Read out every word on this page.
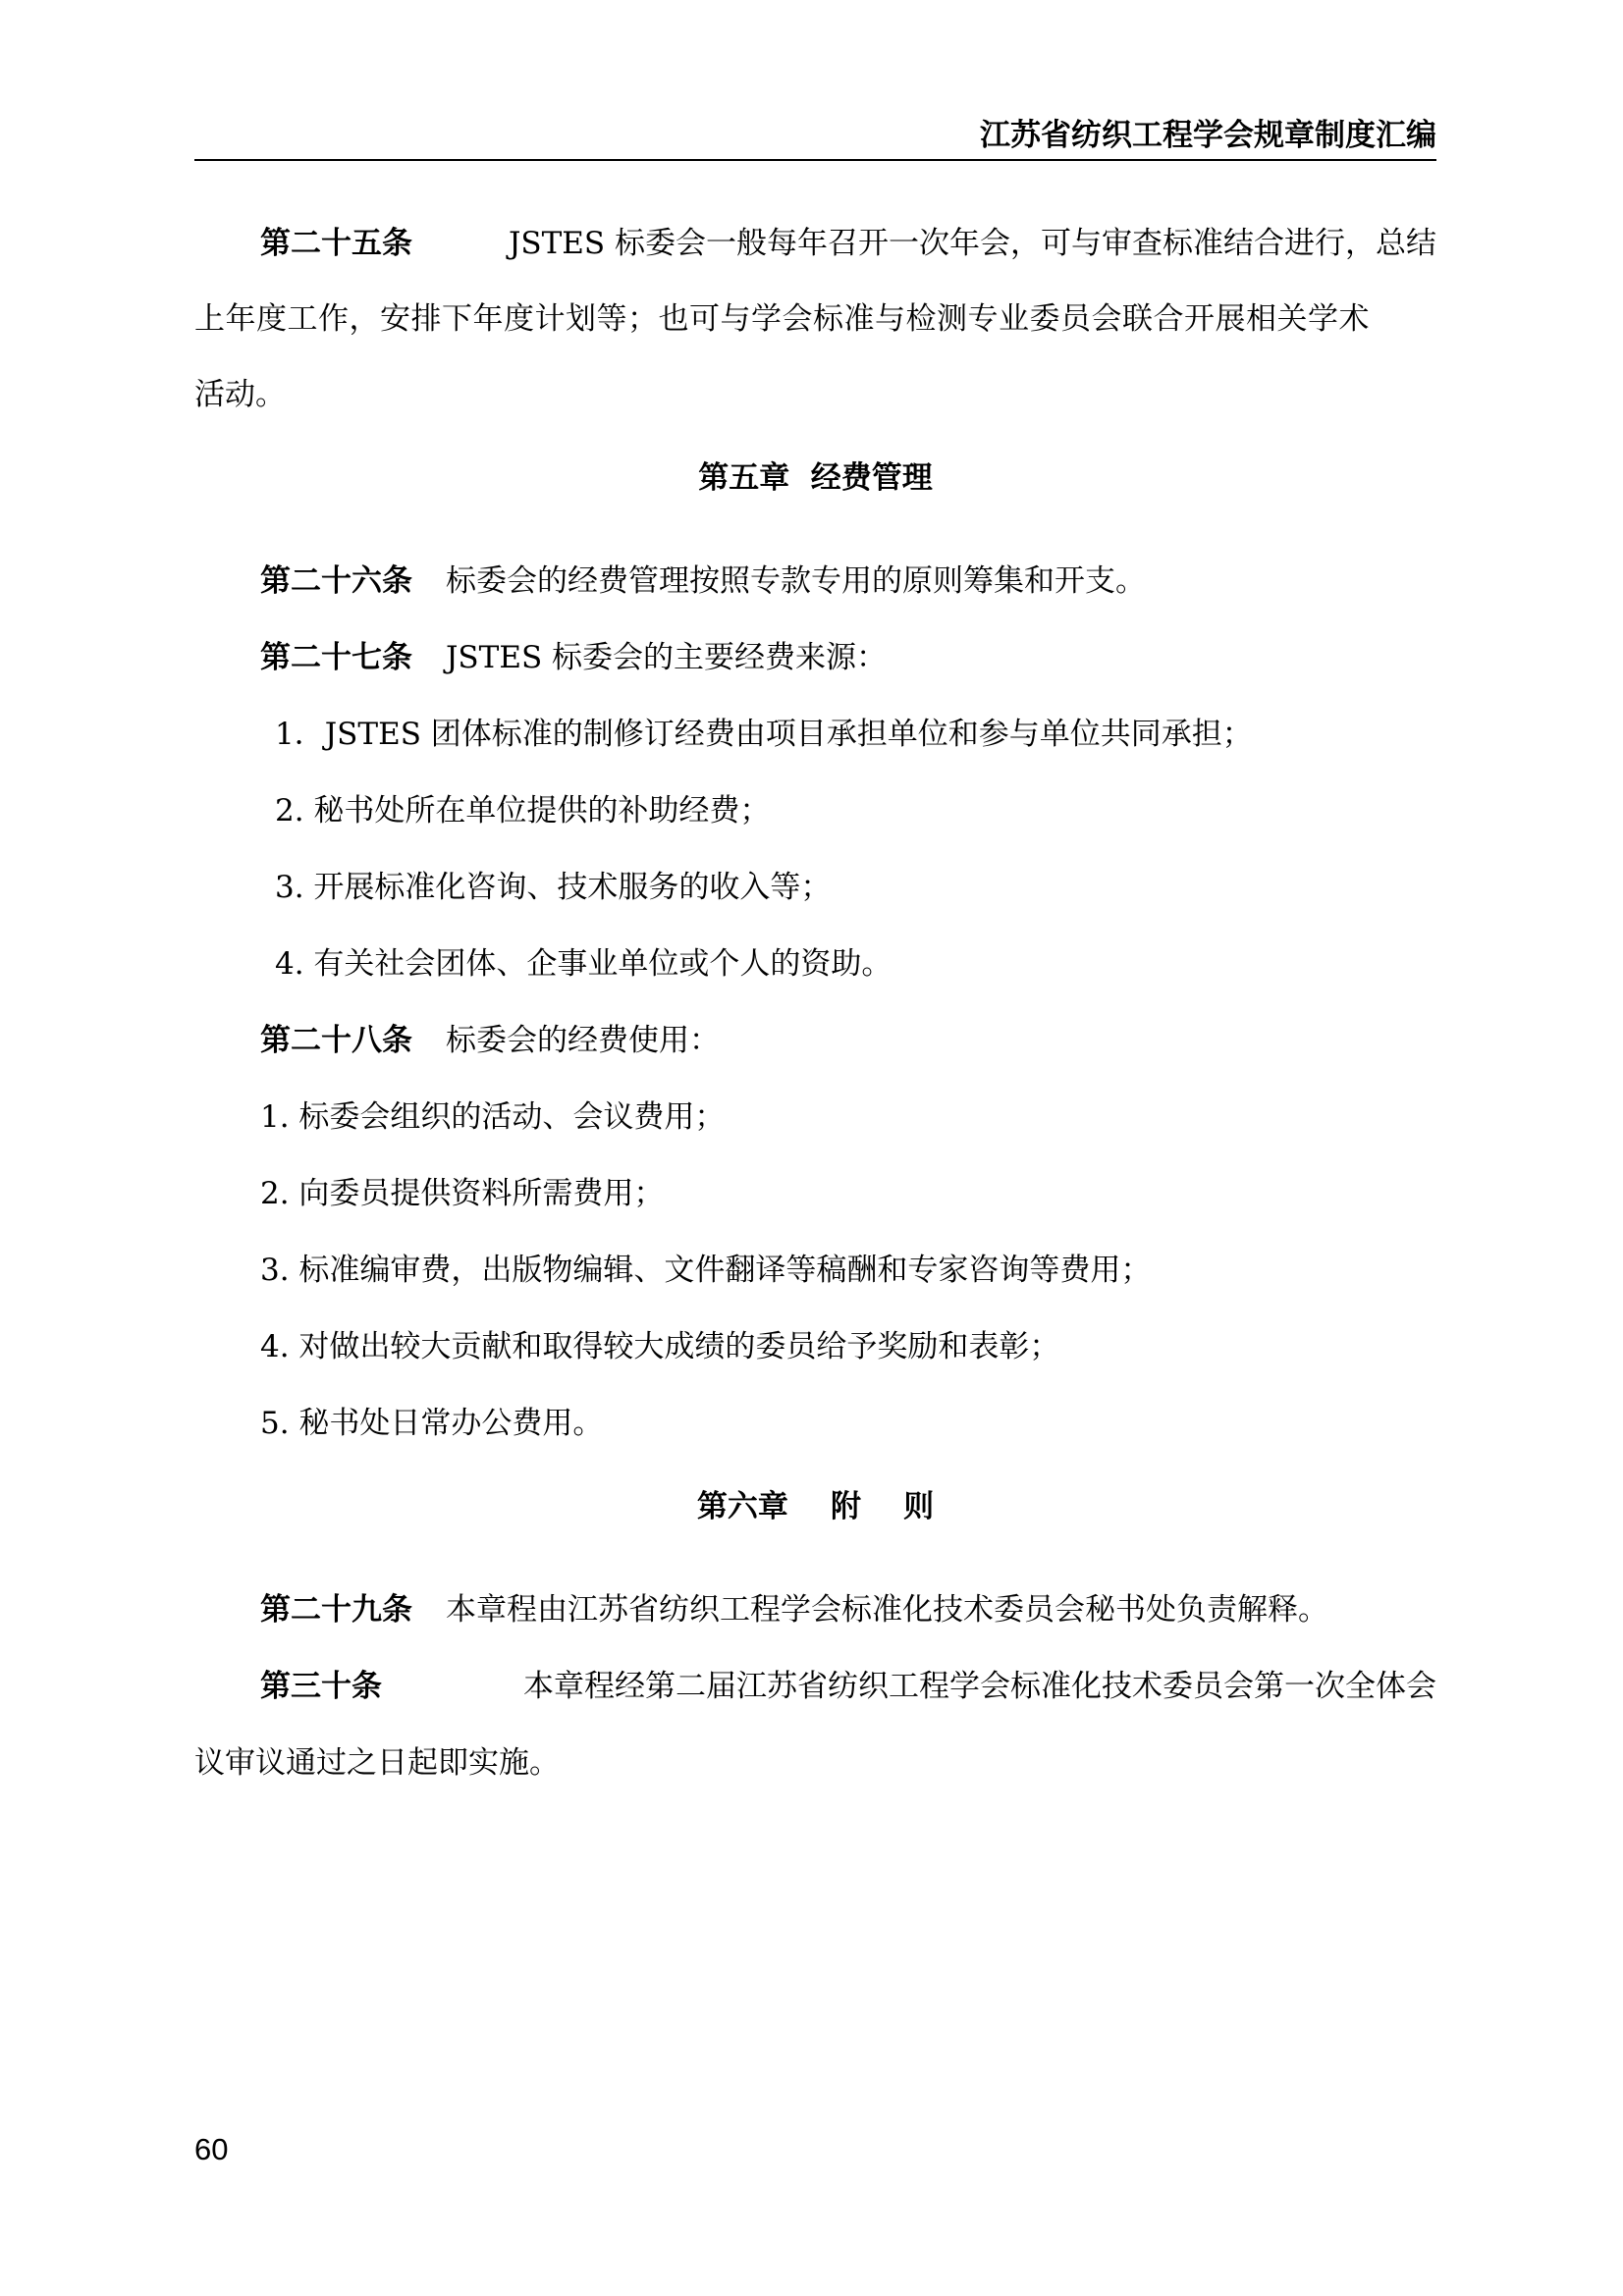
江苏省纺织工程学会规章制度汇编
第二十五条	JSTES 标委会一般每年召开一次年会，可与审查标准结合进行，总结
上年度工作，安排下年度计划等；也可与学会标准与检测专业委员会联合开展相关学术
活动。
第五章  经费管理
第二十六条 标委会的经费管理按照专款专用的原则筹集和开支。
第二十七条 JSTES 标委会的主要经费来源：
1．JSTES 团体标准的制修订经费由项目承担单位和参与单位共同承担；
2. 秘书处所在单位提供的补助经费；
3. 开展标准化咨询、技术服务的收入等；
4. 有关社会团体、企事业单位或个人的资助。
第二十八条 标委会的经费使用：
1. 标委会组织的活动、会议费用；
2. 向委员提供资料所需费用；
3. 标准编审费，出版物编辑、文件翻译等稿酬和专家咨询等费用；
4. 对做出较大贡献和取得较大成绩的委员给予奖励和表彰；
5. 秘书处日常办公费用。
第六章    附    则
第二十九条 本章程由江苏省纺织工程学会标准化技术委员会秘书处负责解释。
第三十条	本章程经第二届江苏省纺织工程学会标准化技术委员会第一次全体会
议审议通过之日起即实施。
60
